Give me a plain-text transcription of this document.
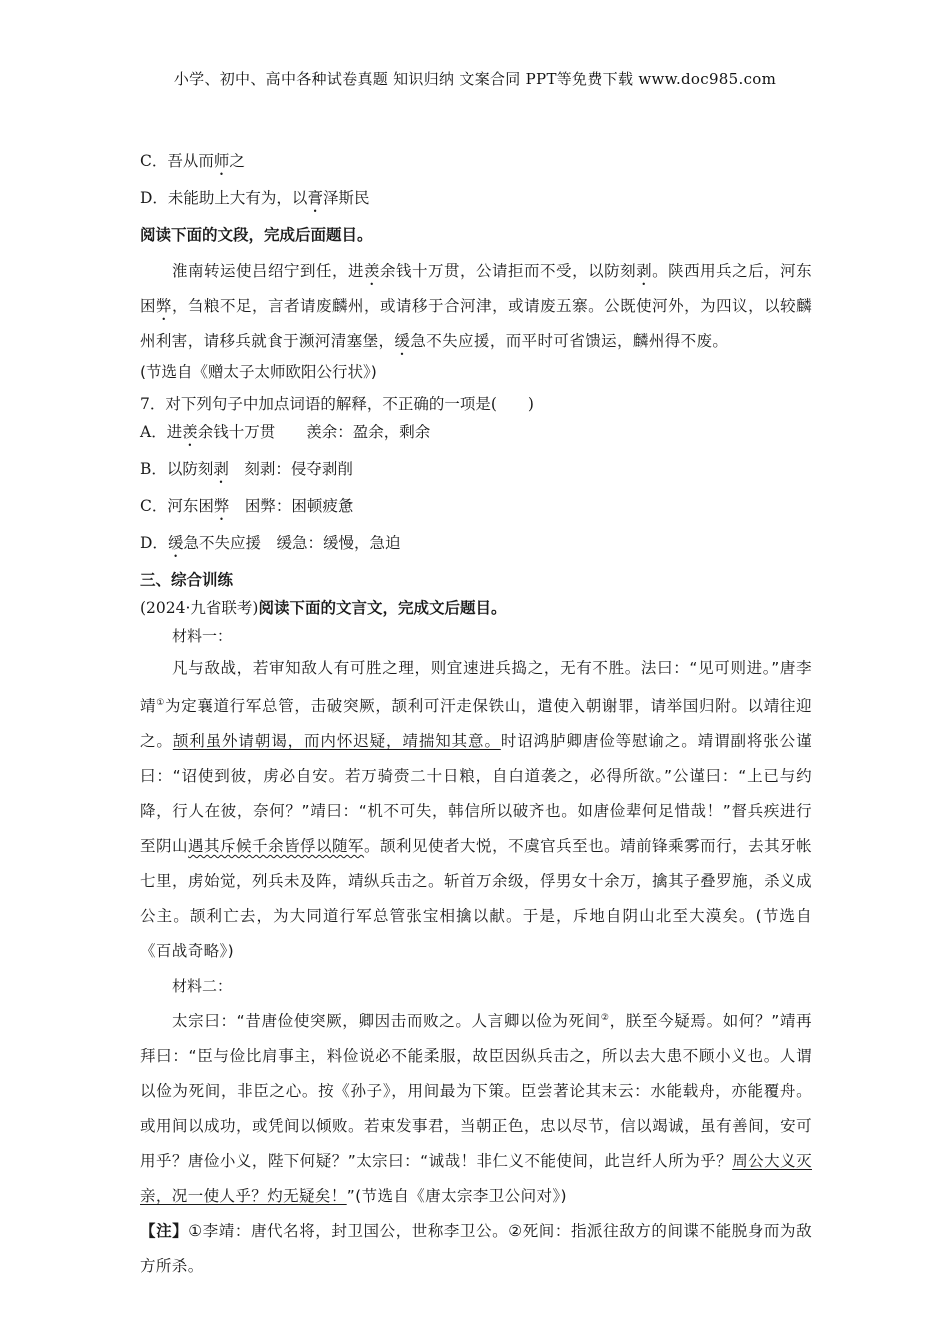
小学、初中、高中各种试卷真题 知识归纳 文案合同 PPT等免费下载 www.doc985.com

C．吾从而师之

D．未能助上大有为，以膏泽斯民

阅读下面的文段，完成后面题目。

淮南转运使吕绍宁到任，进羡余钱十万贯，公请拒而不受，以防刻剥。陕西用兵之后，河东困弊，刍粮不足，言者请废麟州，或请移于合河津，或请废五寨。公既使河外，为四议，以较麟州利害，请移兵就食于濒河清塞堡，缓急不失应援，而平时可省馈运，麟州得不废。

(节选自《赠太子太师欧阳公行状》)

7．对下列句子中加点词语的解释，不正确的一项是(　　)

A．进羡余钱十万贯　　羡余：盈余，剩余

B．以防刻剥　刻剥：侵夺剥削

C．河东困弊　困弊：困顿疲惫

D．缓急不失应援　缓急：缓慢，急迫

三、综合训练

(2024·九省联考)阅读下面的文言文，完成文后题目。

材料一：

凡与敌战，若审知敌人有可胜之理，则宜速进兵捣之，无有不胜。法曰：“见可则进。”唐李靖①为定襄道行军总管，击破突厥，颉利可汗走保铁山，遣使入朝谢罪，请举国归附。以靖往迎之。颉利虽外请朝谒，而内怀迟疑，靖揣知其意。时诏鸿胪卿唐俭等慰谕之。靖谓副将张公谨曰：“诏使到彼，虏必自安。若万骑赍二十日粮，自白道袭之，必得所欲。”公谨曰：“上已与约降，行人在彼，奈何？”靖曰：“机不可失，韩信所以破齐也。如唐俭辈何足惜哉！”督兵疾进行至阴山遇其斥候千余皆俘以随军。颉利见使者大悦，不虞官兵至也。靖前锋乘雾而行，去其牙帐七里，虏始觉，列兵未及阵，靖纵兵击之。斩首万余级，俘男女十余万，擒其子叠罗施，杀义成公主。颉利亡去，为大同道行军总管张宝相擒以献。于是，斥地自阴山北至大漠矣。(节选自《百战奇略》)

材料二：

太宗曰：“昔唐俭使突厥，卿因击而败之。人言卿以俭为死间②，朕至今疑焉。如何？”靖再拜曰：“臣与俭比肩事主，料俭说必不能柔服，故臣因纵兵击之，所以去大患不顾小义也。人谓以俭为死间，非臣之心。按《孙子》，用间最为下策。臣尝著论其末云：水能载舟，亦能覆舟。或用间以成功，或凭间以倾败。若束发事君，当朝正色，忠以尽节，信以竭诚，虽有善间，安可用乎？唐俭小义，陛下何疑？”太宗曰：“诚哉！非仁义不能使间，此岂纤人所为乎？周公大义灭亲，况一使人乎？灼无疑矣！”(节选自《唐太宗李卫公问对》)

【注】①李靖：唐代名将，封卫国公，世称李卫公。②死间：指派往敌方的间谍不能脱身而为敌方所杀。
